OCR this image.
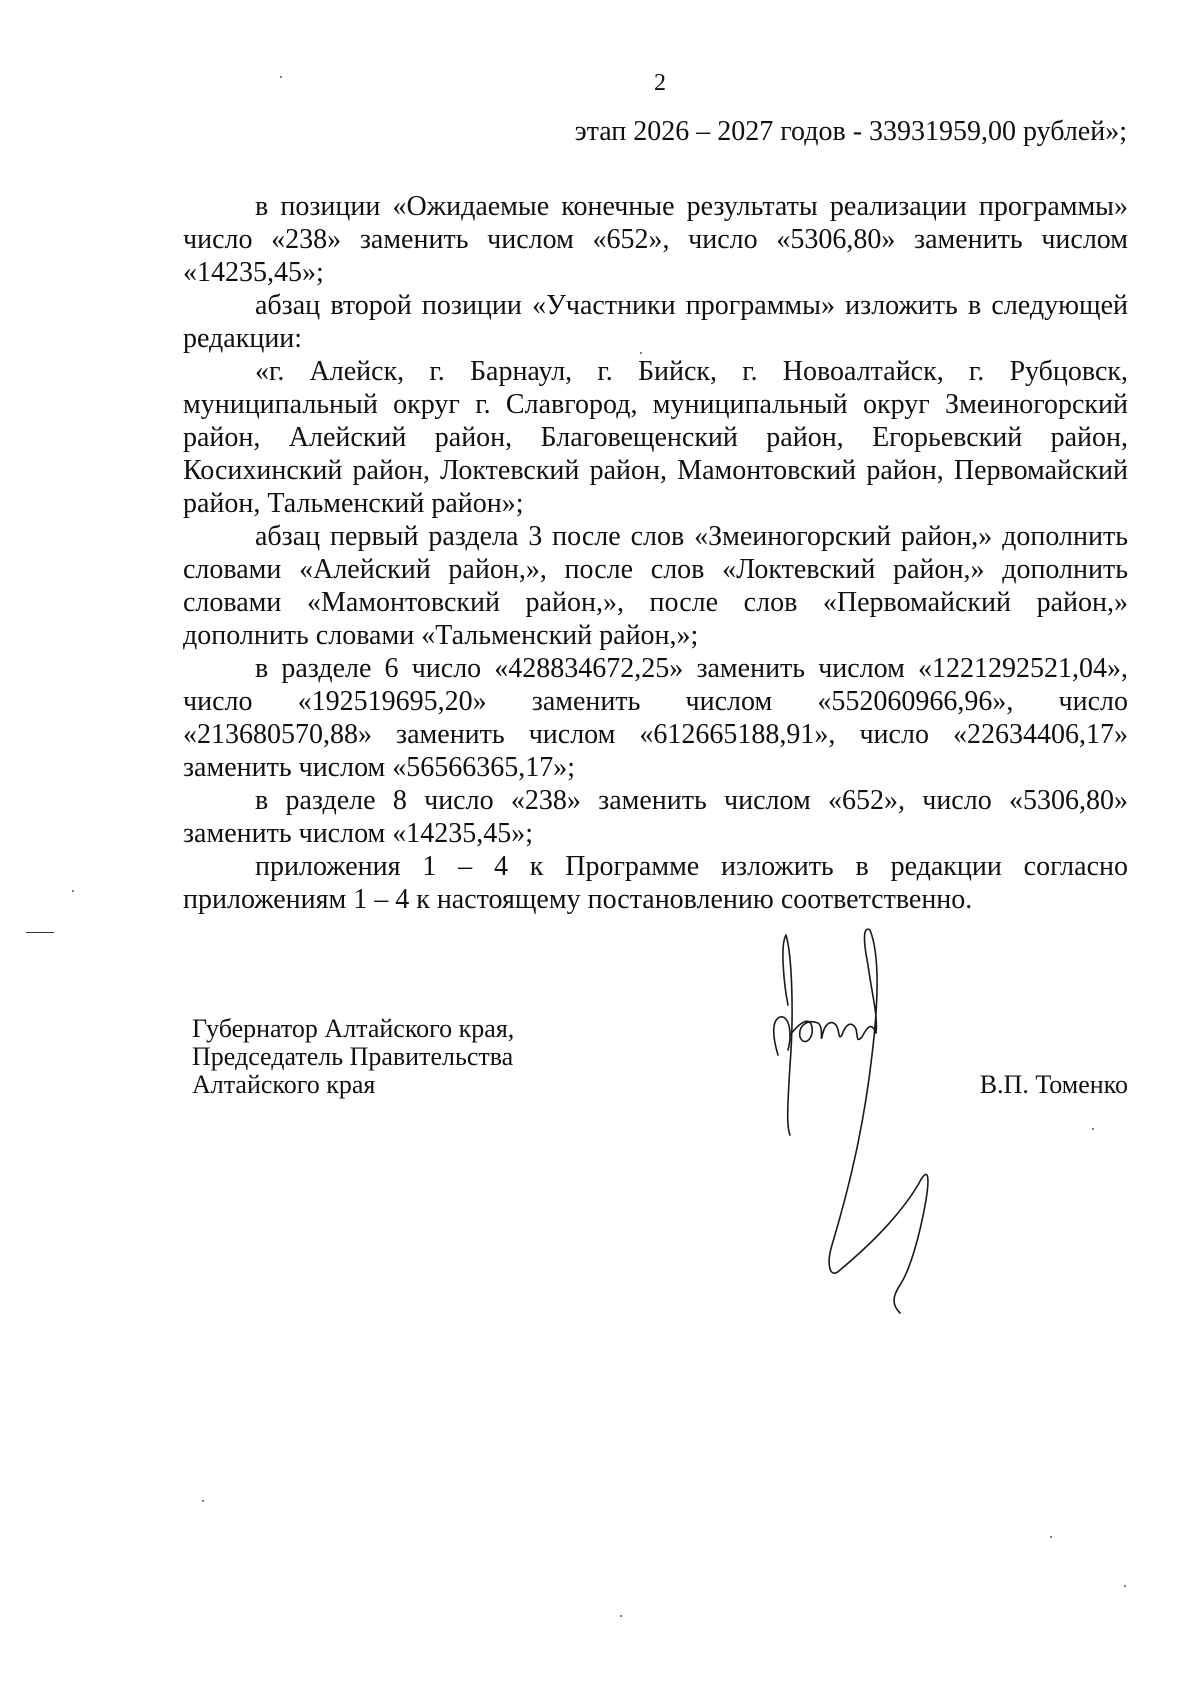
2
этап 2026 – 2027 годов - 33931959,00 рублей»;

в позиции «Ожидаемые конечные результаты реализации программы» число «238» заменить числом «652», число «5306,80» заменить числом «14235,45»;

абзац второй позиции «Участники программы» изложить в следующей редакции:

«г. Алейск, г. Барнаул, г. Бийск, г. Новоалтайск, г. Рубцовск, муниципальный округ г. Славгород, муниципальный округ Змеиногорский район, Алейский район, Благовещенский район, Егорьевский район, Косихинский район, Локтевский район, Мамонтовский район, Первомайский район, Тальменский район»;

абзац первый раздела 3 после слов «Змеиногорский район,» дополнить словами «Алейский район,», после слов «Локтевский район,» дополнить словами «Мамонтовский район,», после слов «Первомайский район,» дополнить словами «Тальменский район,»;

в разделе 6 число «428834672,25» заменить числом «1221292521,04», число «192519695,20» заменить числом «552060966,96», число «213680570,88» заменить числом «612665188,91», число «22634406,17» заменить числом «56566365,17»;

в разделе 8 число «238» заменить числом «652», число «5306,80» заменить числом «14235,45»;

приложения 1 – 4 к Программе изложить в редакции согласно приложениям 1 – 4 к настоящему постановлению соответственно.

Губернатор Алтайского края,
Председатель Правительства
Алтайского края	В.П. Томенко
